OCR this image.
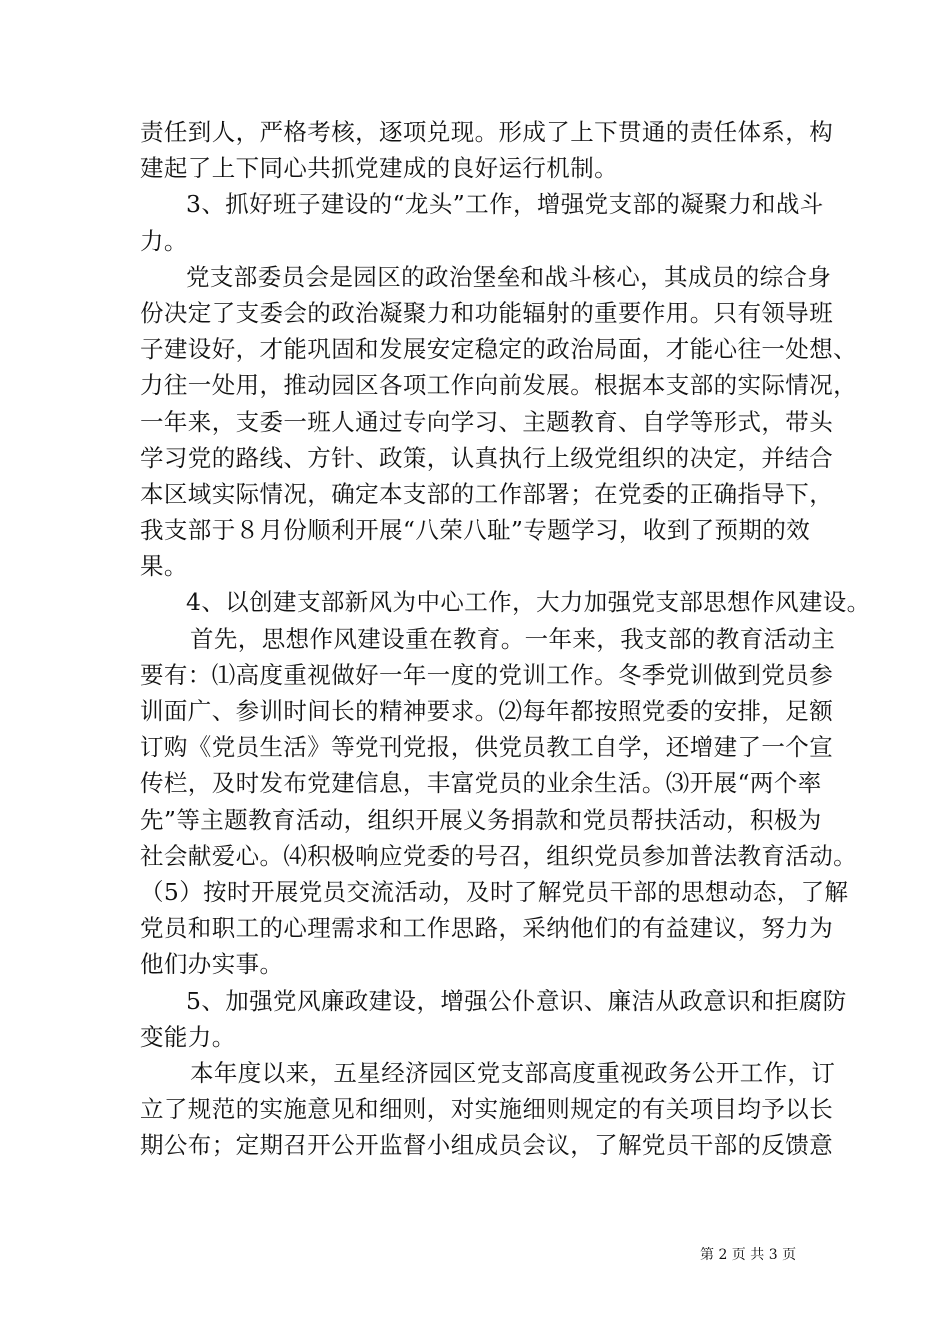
责任到人，严格考核，逐项兑现。形成了上下贯通的责任体系，构
建起了上下同心共抓党建成的良好运行机制。
3、抓好班子建设的“龙头”工作，增强党支部的凝聚力和战斗
力。
党支部委员会是园区的政治堡垒和战斗核心，其成员的综合身
份决定了支委会的政治凝聚力和功能辐射的重要作用。只有领导班
子建设好，才能巩固和发展安定稳定的政治局面，才能心往一处想、
力往一处用，推动园区各项工作向前发展。根据本支部的实际情况，
一年来，支委一班人通过专向学习、主题教育、自学等形式，带头
学习党的路线、方针、政策，认真执行上级党组织的决定，并结合
本区域实际情况，确定本支部的工作部署；在党委的正确指导下，
我支部于８月份顺利开展“八荣八耻”专题学习，收到了预期的效
果。
4、以创建支部新风为中心工作，大力加强党支部思想作风建设。
首先，思想作风建设重在教育。一年来，我支部的教育活动主
要有：⑴高度重视做好一年一度的党训工作。冬季党训做到党员参
训面广、参训时间长的精神要求。⑵每年都按照党委的安排，足额
订购《党员生活》等党刊党报，供党员教工自学，还增建了一个宣
传栏，及时发布党建信息，丰富党员的业余生活。⑶开展“两个率
先”等主题教育活动，组织开展义务捐款和党员帮扶活动，积极为
社会献爱心。⑷积极响应党委的号召，组织党员参加普法教育活动。
（5）按时开展党员交流活动，及时了解党员干部的思想动态，了解
党员和职工的心理需求和工作思路，采纳他们的有益建议，努力为
他们办实事。
5、加强党风廉政建设，增强公仆意识、廉洁从政意识和拒腐防
变能力。
本年度以来，五星经济园区党支部高度重视政务公开工作，订
立了规范的实施意见和细则，对实施细则规定的有关项目均予以长
期公布；定期召开公开监督小组成员会议，了解党员干部的反馈意
第 2 页 共 3 页
